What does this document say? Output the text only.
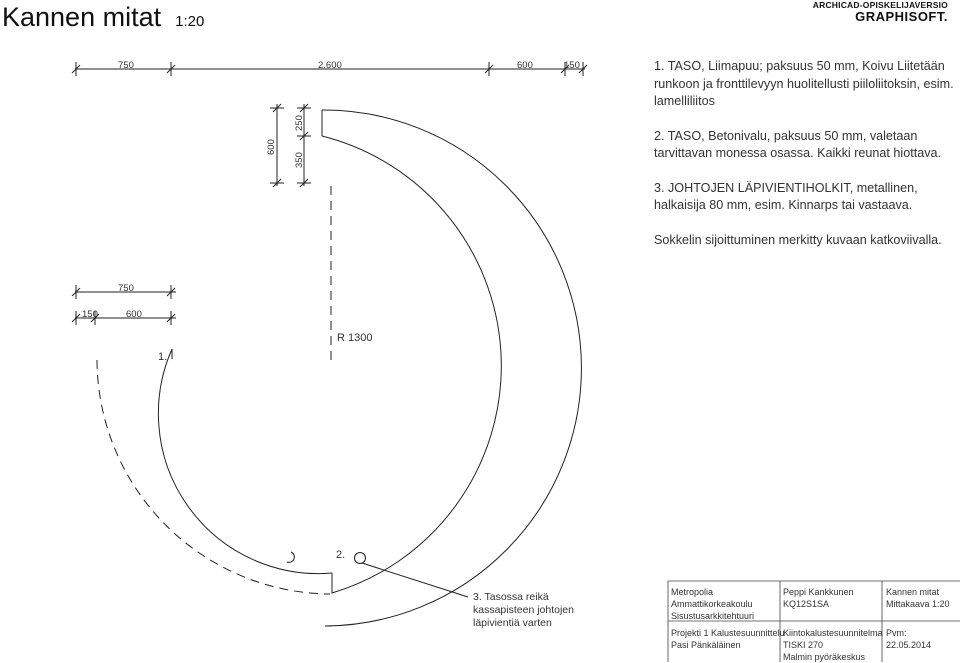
Kannen mitat 1:20
ARCHICAD-OPISKELIJAVERSIO
GRAPHISOFT.

1. TASO, Liimapuu; paksuus 50 mm, Koivu Liitetään runkoon ja fronttilevyyn huolitellusti piiloliitoksin, esim. lamelliliitos

2. TASO, Betonivalu, paksuus 50 mm, valetaan tarvittavan monessa osassa. Kaikki reunat hiottava.

3. JOHTOJEN LÄPIVIENTIHOLKIT, metallinen, halkaisija 80 mm, esim. Kinnarps tai vastaava.

Sokkelin sijoittuminen merkitty kuvaan katkoviivalla.

750	2.600	600	150
750
150	600
600
250
350
R 1300
1.
2.
3. Tasossa reikä
kassapisteen johtojen
läpivientiä varten
Metropolia
Ammattikorkeakoulu
Sisustusarkkitehtuuri
Projekti 1 Kalustesuunnittelu
Pasi Pänkäläinen
Peppi Kankkunen
KQ12S1SA
Kiintokalustesuunnitelma
TISKI 270
Malmin pyöräkeskus
Kannen mitat
Mittakaava 1:20
Pvm:
22.05.2014
